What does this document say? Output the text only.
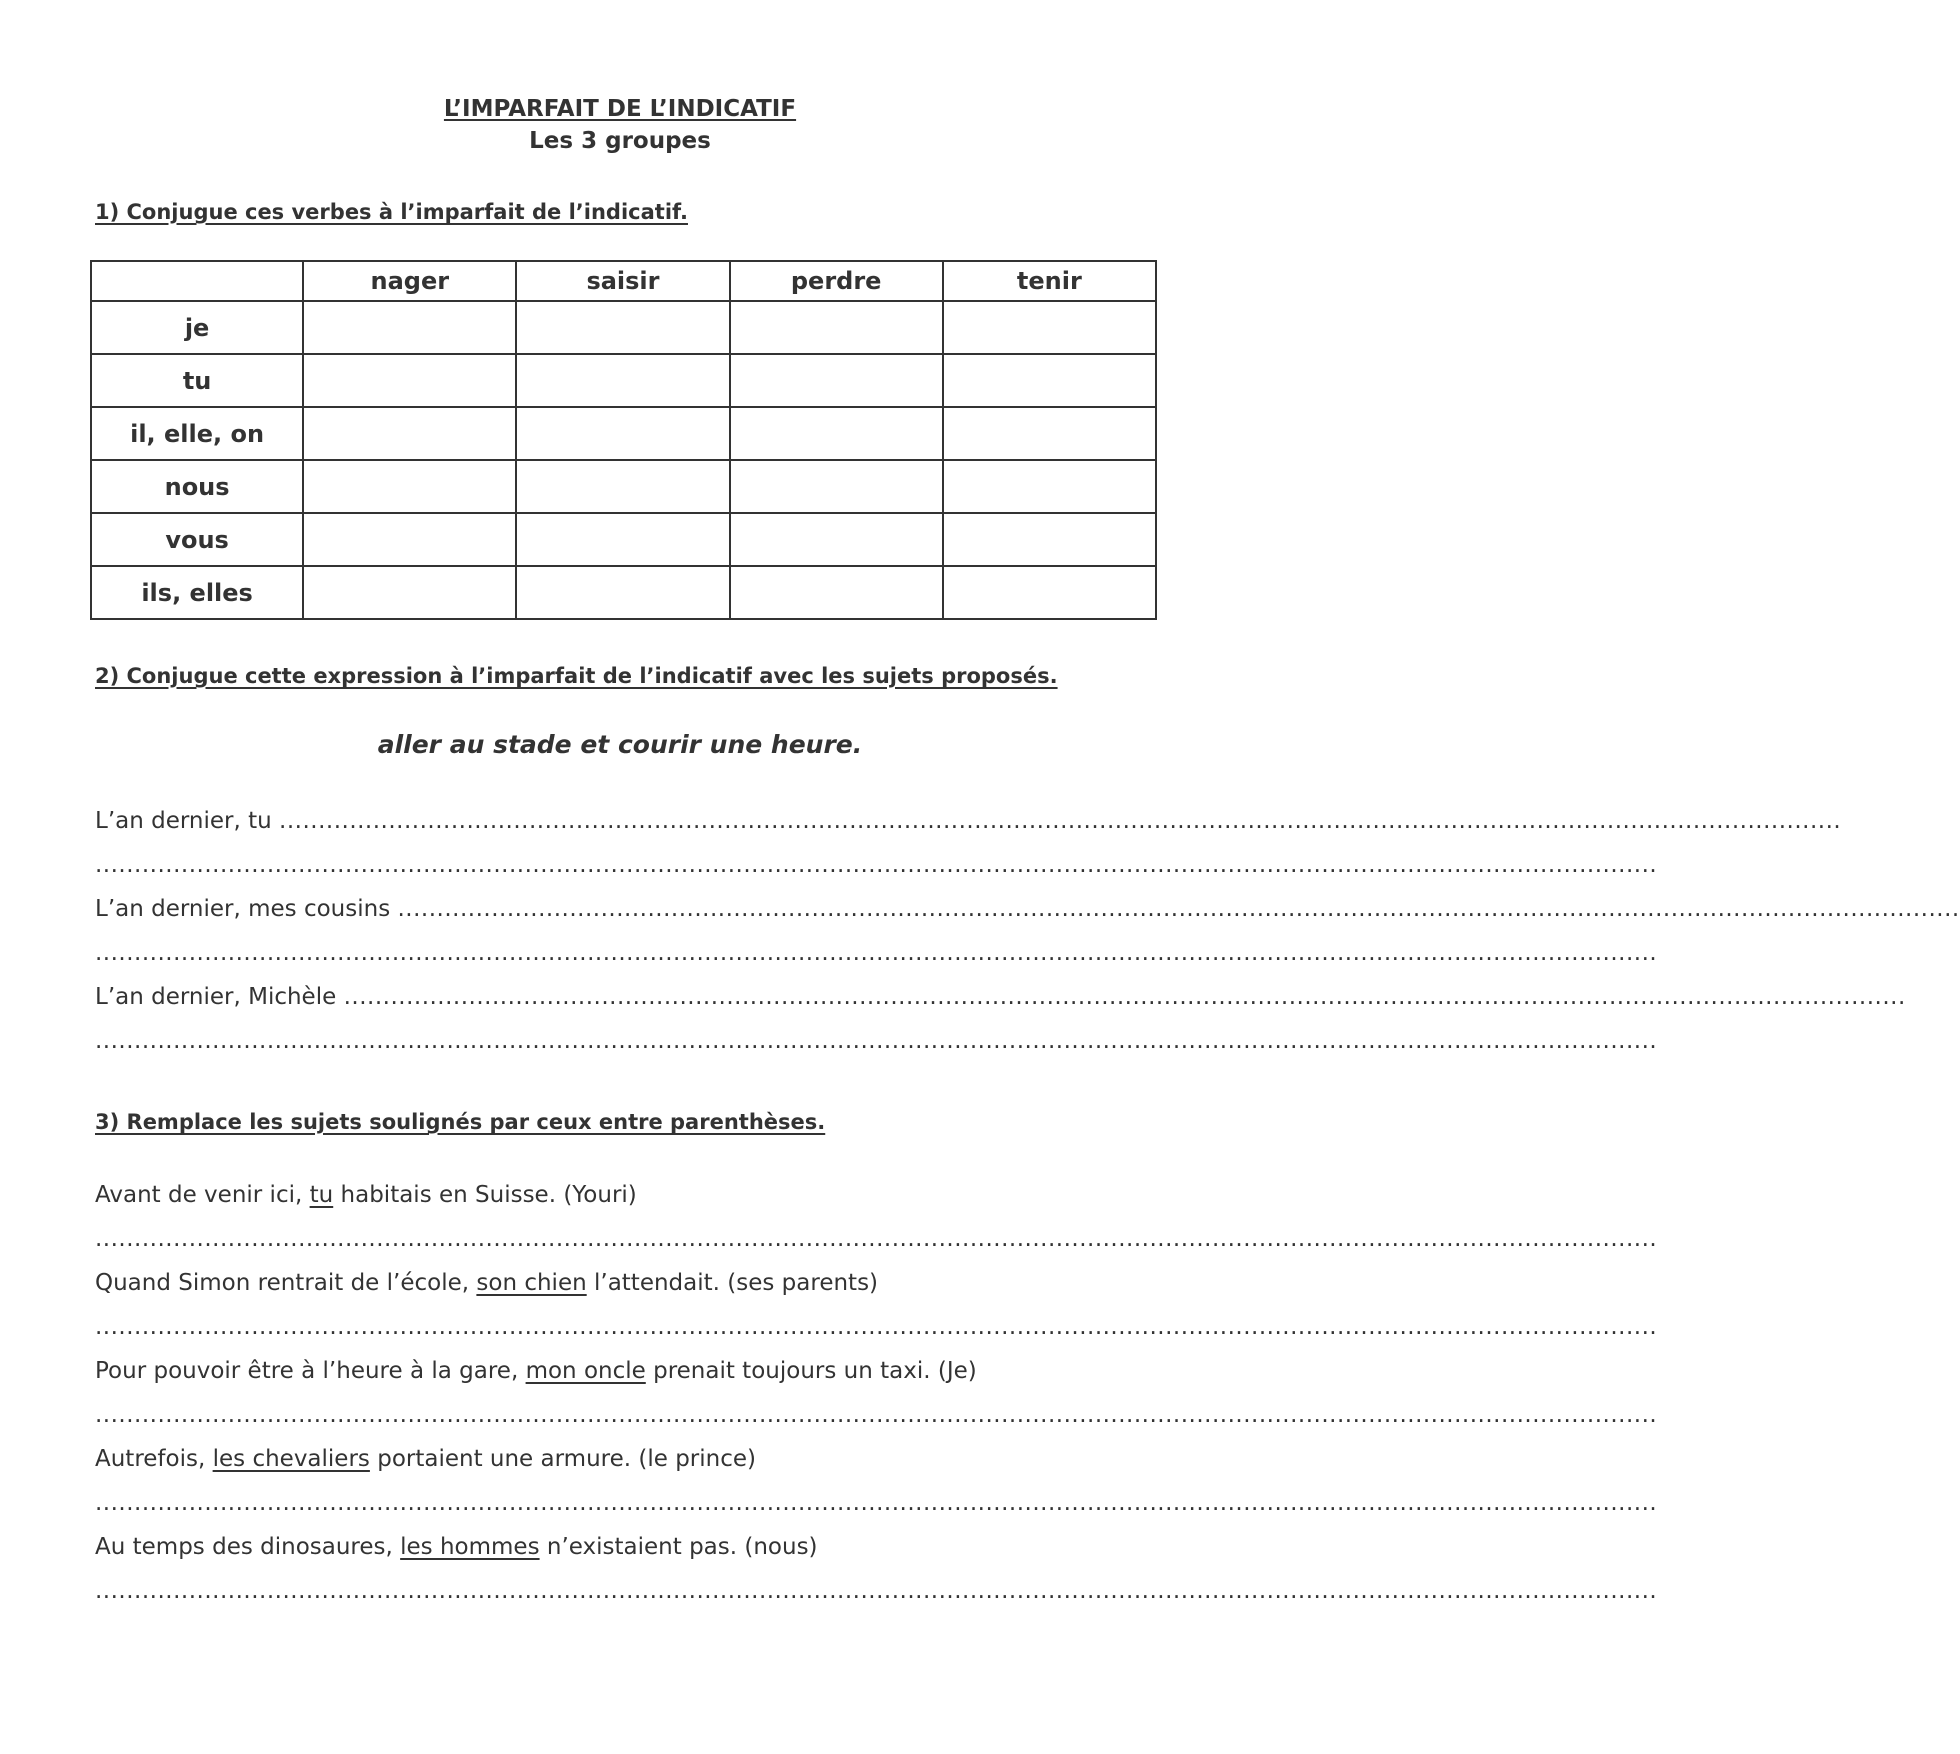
L’IMPARFAIT DE L’INDICATIF
Les 3 groupes
1) Conjugue ces verbes à l’imparfait de l’indicatif.
	nager	saisir	perdre	tenir
je				
tu				
il, elle, on				
nous				
vous				
ils, elles				
2) Conjugue cette expression à l’imparfait de l’indicatif avec les sujets proposés.
aller au stade et courir une heure.
L’an dernier, tu ........................................................................................................................................................................................................
........................................................................................................................................................................................................
L’an dernier, mes cousins ........................................................................................................................................................................................................
........................................................................................................................................................................................................
L’an dernier, Michèle ........................................................................................................................................................................................................
........................................................................................................................................................................................................
3) Remplace les sujets soulignés par ceux entre parenthèses.
Avant de venir ici, tu habitais en Suisse. (Youri)
........................................................................................................................................................................................................
Quand Simon rentrait de l’école, son chien l’attendait. (ses parents)
........................................................................................................................................................................................................
Pour pouvoir être à l’heure à la gare, mon oncle prenait toujours un taxi. (Je)
........................................................................................................................................................................................................
Autrefois, les chevaliers portaient une armure. (le prince)
........................................................................................................................................................................................................
Au temps des dinosaures, les hommes n’existaient pas. (nous)
........................................................................................................................................................................................................
